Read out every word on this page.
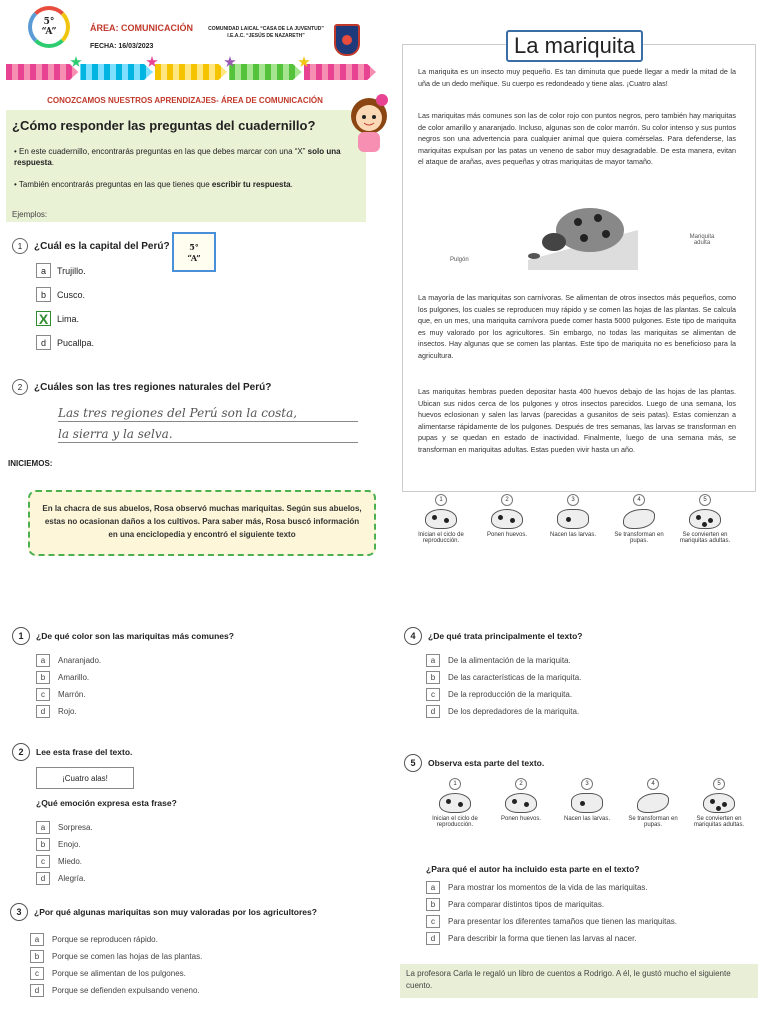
5°
“A”	ÁREA: COMUNICACIÓN
FECHA: 16/03/2023
COMUNIDAD LAICAL “CASA DE LA JUVENTUD”
I.E.A.C. “JESÚS DE NAZARETH”
CONOZCAMOS NUESTROS APRENDIZAJES- ÁREA DE COMUNICACIÓN
¿Cómo responder las preguntas del cuadernillo?
• En este cuadernillo, encontrarás preguntas en las que debes marcar con una “X” solo una respuesta.
• También encontrarás preguntas en las que tienes que escribir tu respuesta.
Ejemplos:
1	¿Cuál es la capital del Perú?	5°
“A”
a	Trujillo.
b	Cusco.
X Lima.
d	Pucallpa.
2	¿Cuáles son las tres regiones naturales del Perú?
Las tres regiones del Perú son la costa,
la sierra y la selva.
INICIEMOS:
En la chacra de sus abuelos, Rosa observó muchas mariquitas. Según sus abuelos, estas no ocasionan daños a los cultivos. Para saber más, Rosa buscó información en una enciclopedia y encontró el siguiente texto
La mariquita
La mariquita es un insecto muy pequeño. Es tan diminuta que puede llegar a medir la mitad de la uña de un dedo meñique. Su cuerpo es redondeado y tiene alas. ¡Cuatro alas!
Las mariquitas más comunes son las de color rojo con puntos negros, pero también hay mariquitas de color amarillo y anaranjado. Incluso, algunas son de color marrón. Su color intenso y sus puntos negros son una advertencia para cualquier animal que quiera comérselas. Para defenderse, las mariquitas expulsan por las patas un veneno de sabor muy desagradable. De esta manera, evitan el ataque de arañas, aves pequeñas y otras mariquitas de mayor tamaño.
Mariquita adulta
Pulgón
La mayoría de las mariquitas son carnívoras. Se alimentan de otros insectos más pequeños, como los pulgones, los cuales se reproducen muy rápido y se comen las hojas de las plantas. Se calcula que, en un mes, una mariquita carnívora puede comer hasta 5000 pulgones. Este tipo de mariquita es muy valorado por los agricultores. Sin embargo, no todas las mariquitas se alimentan de insectos. Hay algunas que se comen las plantas. Este tipo de mariquita no es beneficioso para la agricultura.
Las mariquitas hembras pueden depositar hasta 400 huevos debajo de las hojas de las plantas. Ubican sus nidos cerca de los pulgones y otros insectos parecidos. Luego de una semana, los huevos eclosionan y salen las larvas (parecidas a gusanitos de seis patas). Estas comienzan a alimentarse rápidamente de los pulgones. Después de tres semanas, las larvas se transforman en pupas y se quedan en estado de inactividad. Finalmente, luego de una semana más, se transforman en mariquitas adultas. Estas pueden vivir hasta un año.
1
Inician el ciclo de reproducción.
2
Ponen huevos.
3
Nacen las larvas.
4
Se transforman en pupas.
5
Se convierten en mariquitas adultas.
1	¿De qué color son las mariquitas más comunes?
a	Anaranjado.
b	Amarillo.
c	Marrón.
d	Rojo.
2	Lee esta frase del texto.
¡Cuatro alas!
¿Qué emoción expresa esta frase?
a	Sorpresa.
b	Enojo.
c	Miedo.
d	Alegría.
3	¿Por qué algunas mariquitas son muy valoradas por los agricultores?
a	Porque se reproducen rápido.
b	Porque se comen las hojas de las plantas.
c	Porque se alimentan de los pulgones.
d	Porque se defienden expulsando veneno.
4	¿De qué trata principalmente el texto?
a	De la alimentación de la mariquita.
b	De las características de la mariquita.
c	De la reproducción de la mariquita.
d	De los depredadores de la mariquita.
5	Observa esta parte del texto.
1
Inician el ciclo de reproducción.
2
Ponen huevos.
3
Nacen las larvas.
4
Se transforman en pupas.
5
Se convierten en mariquitas adultas.
¿Para qué el autor ha incluido esta parte en el texto?
a	Para mostrar los momentos de la vida de las mariquitas.
b	Para comparar distintos tipos de mariquitas.
c	Para presentar los diferentes tamaños que tienen las mariquitas.
d	Para describir la forma que tienen las larvas al nacer.
La profesora Carla le regaló un libro de cuentos a Rodrigo. A él, le gustó mucho el siguiente cuento.
